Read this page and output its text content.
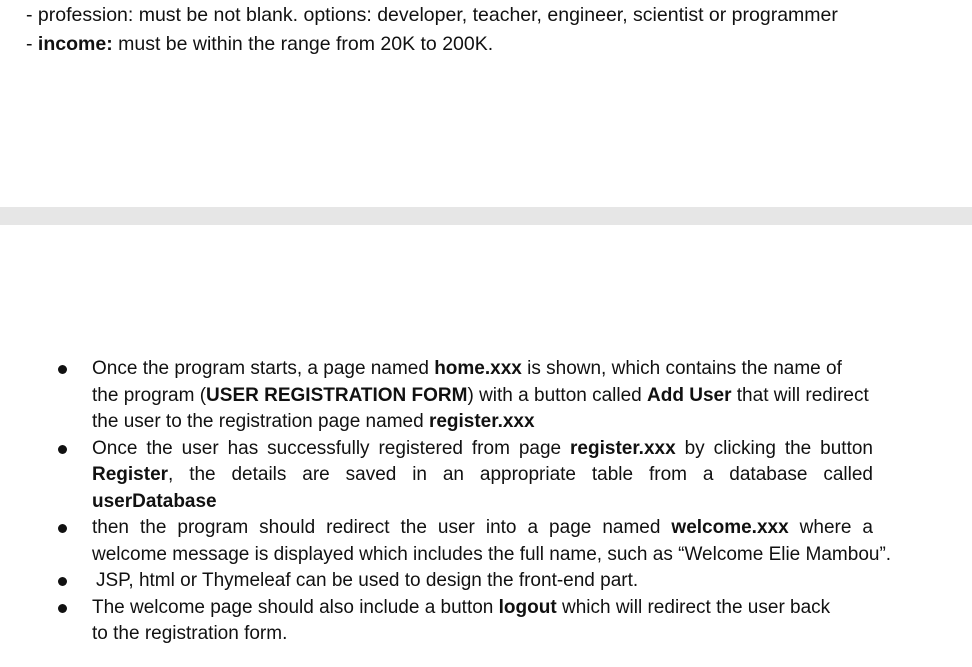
- profession: must be not blank. options: developer, teacher, engineer, scientist or programmer
- income: must be within the range from 20K to 200K.
Once the program starts, a page named home.xxx is shown, which contains the name of
the program (USER REGISTRATION FORM) with a button called Add User that will redirect
the user to the registration page named register.xxx
Once the user has successfully registered from page register.xxx by clicking the button
Register, the details are saved in an appropriate table from a database called
userDatabase
then the program should redirect the user into a page named welcome.xxx where a
welcome message is displayed which includes the full name, such as “Welcome Elie Mambou”.
JSP, html or Thymeleaf can be used to design the front-end part.
The welcome page should also include a button logout which will redirect the user back
to the registration form.
